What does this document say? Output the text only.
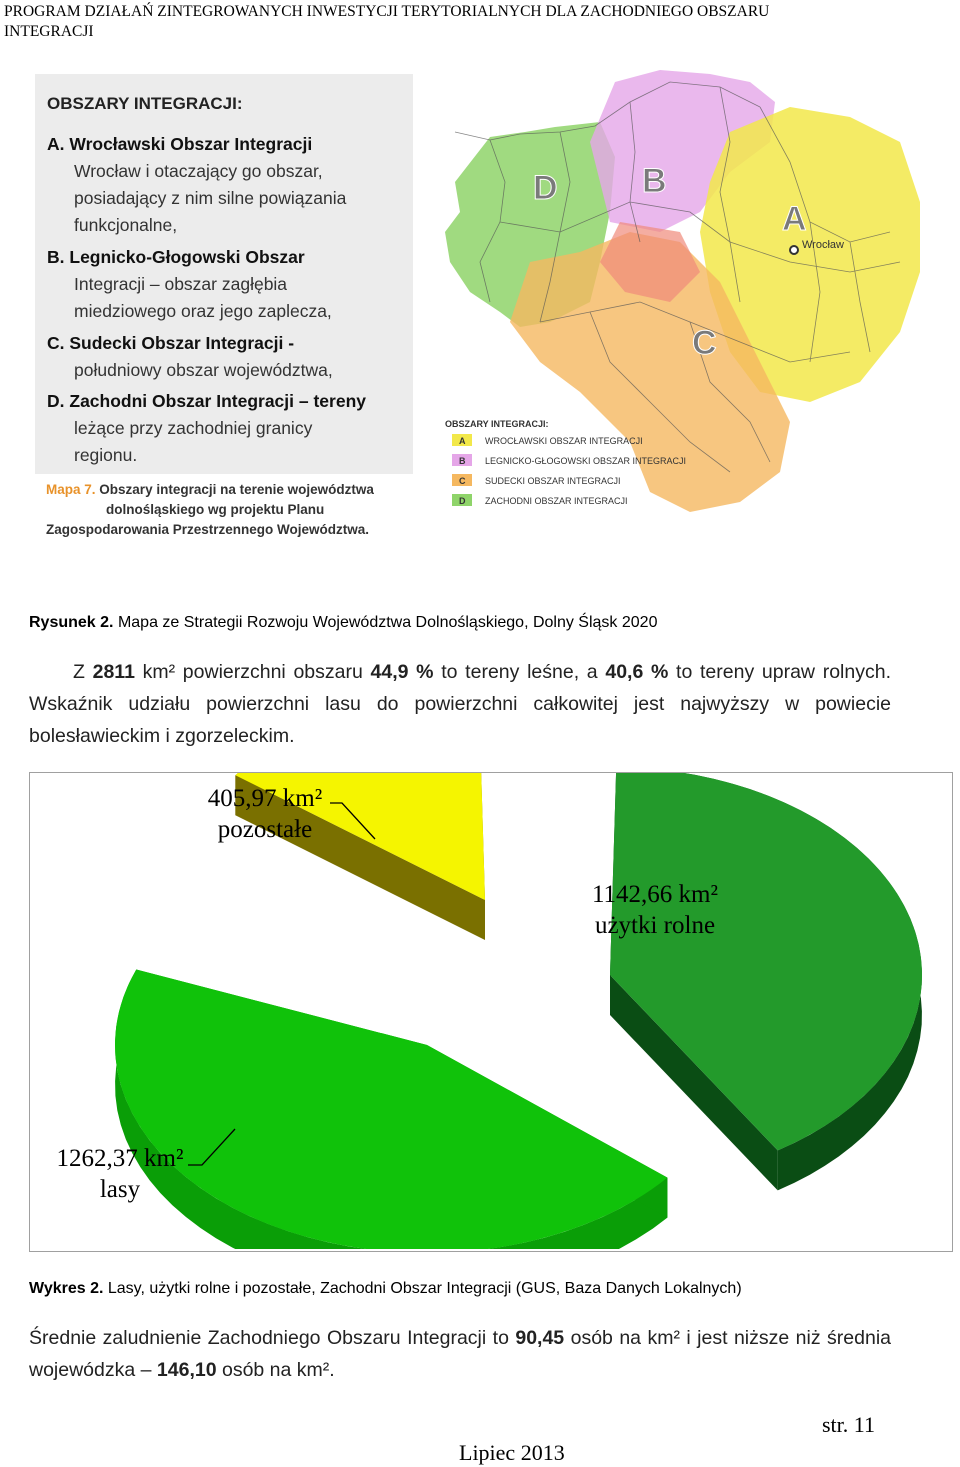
PROGRAM DZIAŁAŃ ZINTEGROWANYCH INWESTYCJI TERYTORIALNYCH DLA ZACHODNIEGO OBSZARU
INTEGRACJI
OBSZARY INTEGRACJI:
A. Wrocławski Obszar Integracji
Wrocław i otaczający go obszar,
posiadający z nim silne powiązania
funkcjonalne,
B. Legnicko-Głogowski Obszar
Integracji – obszar zagłębia
miedziowego oraz jego zaplecza,
C. Sudecki Obszar Integracji -
południowy obszar województwa,
D. Zachodni Obszar Integracji – tereny
leżące przy zachodniej granicy
regionu.
Mapa 7. Obszary integracji na terenie województwa
dolnośląskiego wg projektu Planu
Zagospodarowania Przestrzennego Województwa.
A
B
C
D
Wrocław
OBSZARY INTEGRACJI:
A WROCŁAWSKI OBSZAR INTEGRACJI
B LEGNICKO-GŁOGOWSKI OBSZAR INTEGRACJI
C SUDECKI OBSZAR INTEGRACJI
D ZACHODNI OBSZAR INTEGRACJI
Rysunek 2. Mapa ze Strategii Rozwoju Województwa Dolnośląskiego, Dolny Śląsk 2020
Z 2811 km² powierzchni obszaru 44,9 % to tereny leśne, a 40,6 % to tereny upraw rolnych. Wskaźnik udziału powierzchni lasu do powierzchni całkowitej jest najwyższy w powiecie bolesławieckim i zgorzeleckim.
405,97 km²
pozostałe
1142,66 km²
użytki rolne
1262,37 km²
lasy
Wykres 2. Lasy, użytki rolne i pozostałe, Zachodni Obszar Integracji (GUS, Baza Danych Lokalnych)
Średnie zaludnienie Zachodniego Obszaru Integracji to 90,45 osób na km² i jest niższe niż średnia wojewódzka – 146,10 osób na km².
str. 11
Lipiec 2013
